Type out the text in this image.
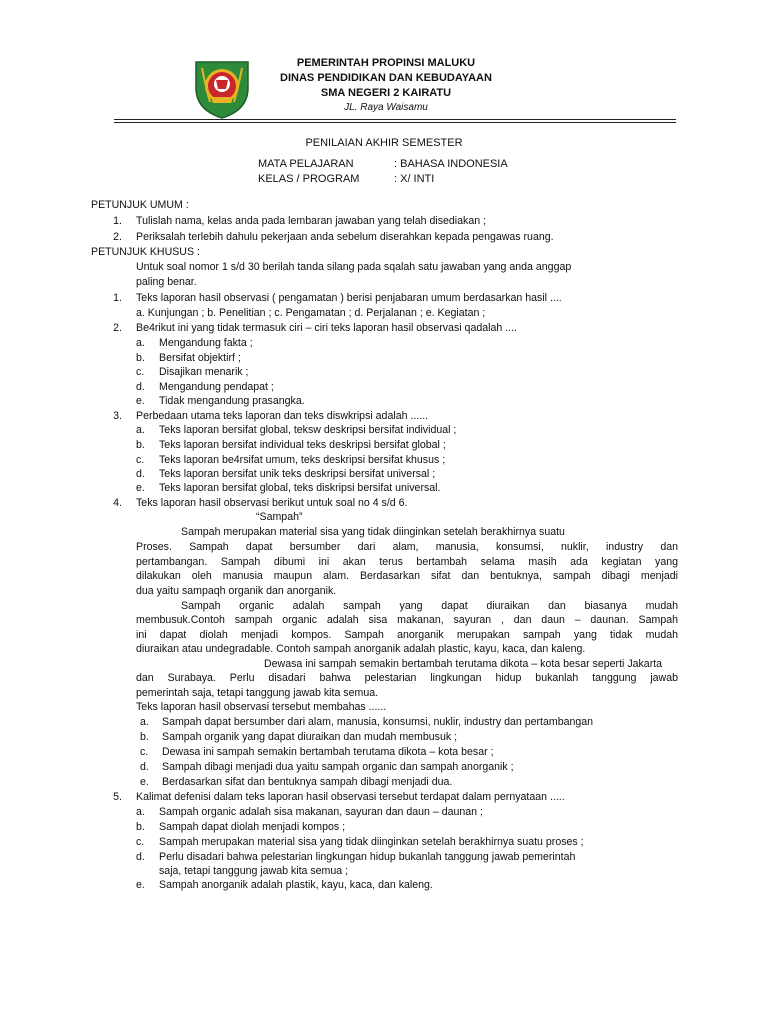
PEMERINTAH PROPINSI MALUKU
DINAS PENDIDIKAN DAN KEBUDAYAAN
SMA NEGERI 2 KAIRATU
JL. Raya Waisamu
PENILAIAN AKHIR SEMESTER
MATA PELAJARAN	: BAHASA INDONESIA
KELAS / PROGRAM	: X/ INTI
PETUNJUK UMUM :
1. Tulislah nama, kelas anda pada lembaran jawaban yang telah disediakan ;
2. Periksalah terlebih dahulu pekerjaan anda sebelum diserahkan kepada pengawas ruang.
PETUNJUK KHUSUS :
Untuk soal nomor 1 s/d 30 berilah tanda silang pada sqalah satu jawaban yang anda anggap
paling benar.
1. Teks laporan hasil observasi ( pengamatan ) berisi penjabaran umum berdasarkan hasil ....
a. Kunjungan ; b. Penelitian ; c. Pengamatan ; d. Perjalanan ; e. Kegiatan ;
2. Be4rikut ini yang tidak termasuk ciri – ciri teks laporan hasil observasi qadalah ....
a. Mengandung fakta ;
b. Bersifat objektirf ;
c. Disajikan menarik ;
d. Mengandung pendapat ;
e. Tidak mengandung prasangka.
3. Perbedaan utama teks laporan dan teks diswkripsi adalah ......
a. Teks laporan bersifat global, teksw deskripsi bersifat individual ;
b. Teks laporan bersifat individual teks deskripsi bersifat global ;
c. Teks laporan be4rsifat umum, teks deskripsi bersifat khusus ;
d. Teks laporan bersifat unik teks deskripsi bersifat universal ;
e. Teks laporan bersifat global, teks diskripsi bersifat universal.
4. Teks laporan hasil observasi berikut untuk soal no 4 s/d 6.
“Sampah”
Sampah merupakan material sisa yang tidak diinginkan setelah berakhirnya suatu
Proses. Sampah dapat bersumber dari alam, manusia, konsumsi, nuklir, industry dan
pertambangan. Sampah dibumi ini akan terus bertambah selama masih ada kegiatan yang
dilakukan oleh manusia maupun alam. Berdasarkan sifat dan bentuknya, sampah dibagi menjadi
dua yaitu sampaqh organik dan anorganik.
Sampah organic adalah sampah yang dapat diuraikan dan biasanya mudah
membusuk.Contoh sampah organic adalah sisa makanan, sayuran , dan daun – daunan. Sampah
ini dapat diolah menjadi kompos. Sampah anorganik merupakan sampah yang tidak mudah
diuraikan atau undegradable. Contoh sampah anorganik adalah plastic, kayu, kaca, dan kaleng.
Dewasa ini sampah semakin bertambah terutama dikota – kota besar seperti Jakarta
dan Surabaya. Perlu disadari bahwa pelestarian lingkungan hidup bukanlah tanggung jawab
pemerintah saja, tetapi tanggung jawab kita semua.
Teks laporan hasil observasi tersebut membahas ......
a. Sampah dapat bersumber dari alam, manusia, konsumsi, nuklir, industry dan pertambangan
b. Sampah organik yang dapat diuraikan dan mudah membusuk ;
c. Dewasa ini sampah semakin bertambah terutama dikota – kota besar ;
d. Sampah dibagi menjadi dua yaitu sampah organic dan sampah anorganik ;
e. Berdasarkan sifat dan bentuknya sampah dibagi menjadi dua.
5. Kalimat defenisi dalam teks laporan hasil observasi tersebut terdapat dalam pernyataan .....
a. Sampah organic adalah sisa makanan, sayuran dan daun – daunan ;
b. Sampah dapat diolah menjadi kompos ;
c. Sampah merupakan material sisa yang tidak diinginkan setelah berakhirnya suatu proses ;
d. Perlu disadari bahwa pelestarian lingkungan hidup bukanlah tanggung jawab pemerintah
saja, tetapi tanggung jawab kita semua ;
e. Sampah anorganik adalah plastik, kayu, kaca, dan kaleng.
